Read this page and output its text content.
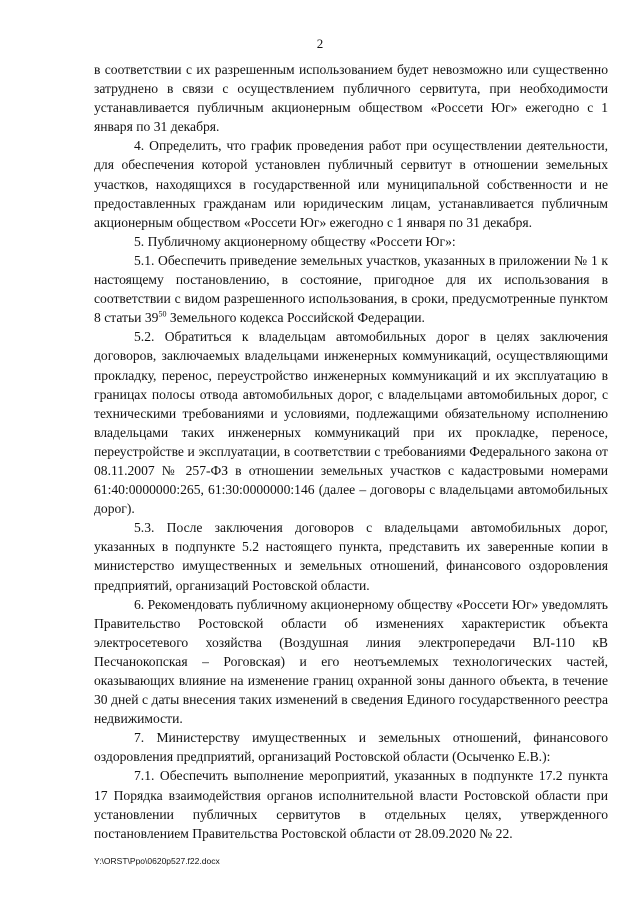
2

в соответствии с их разрешенным использованием будет невозможно или существенно затруднено в связи с осуществлением публичного сервитута, при необходимости устанавливается публичным акционерным обществом «Россети Юг» ежегодно с 1 января по 31 декабря.

4. Определить, что график проведения работ при осуществлении деятельности, для обеспечения которой установлен публичный сервитут в отношении земельных участков, находящихся в государственной или муниципальной собственности и не предоставленных гражданам или юридическим лицам, устанавливается публичным акционерным обществом «Россети Юг» ежегодно с 1 января по 31 декабря.

5. Публичному акционерному обществу «Россети Юг»:

5.1. Обеспечить приведение земельных участков, указанных в приложении № 1 к настоящему постановлению, в состояние, пригодное для их использования в соответствии с видом разрешенного использования, в сроки, предусмотренные пунктом 8 статьи $39^{50}$ Земельного кодекса Российской Федерации.

5.2. Обратиться к владельцам автомобильных дорог в целях заключения договоров, заключаемых владельцами инженерных коммуникаций, осуществляющими прокладку, перенос, переустройство инженерных коммуникаций и их эксплуатацию в границах полосы отвода автомобильных дорог, с владельцами автомобильных дорог, с техническими требованиями и условиями, подлежащими обязательному исполнению владельцами таких инженерных коммуникаций при их прокладке, переносе, переустройстве и эксплуатации, в соответствии с требованиями Федерального закона от 08.11.2007 № 257-ФЗ в отношении земельных участков с кадастровыми номерами 61:40:0000000:265, 61:30:0000000:146 (далее – договоры с владельцами автомобильных дорог).

5.3. После заключения договоров с владельцами автомобильных дорог, указанных в подпункте 5.2 настоящего пункта, представить их заверенные копии в министерство имущественных и земельных отношений, финансового оздоровления предприятий, организаций Ростовской области.

6. Рекомендовать публичному акционерному обществу «Россети Юг» уведомлять Правительство Ростовской области об изменениях характеристик объекта электросетевого хозяйства (Воздушная линия электропередачи ВЛ-110 кВ Песчанокопская – Роговская) и его неотъемлемых технологических частей, оказывающих влияние на изменение границ охранной зоны данного объекта, в течение 30 дней с даты внесения таких изменений в сведения Единого государственного реестра недвижимости.

7. Министерству имущественных и земельных отношений, финансового оздоровления предприятий, организаций Ростовской области (Осыченко Е.В.):

7.1. Обеспечить выполнение мероприятий, указанных в подпункте 17.2 пункта 17 Порядка взаимодействия органов исполнительной власти Ростовской области при установлении публичных сервитутов в отдельных целях, утвержденного постановлением Правительства Ростовской области от 28.09.2020 № 22.

Y:\ORST\Ppo\0620p527.f22.docx
